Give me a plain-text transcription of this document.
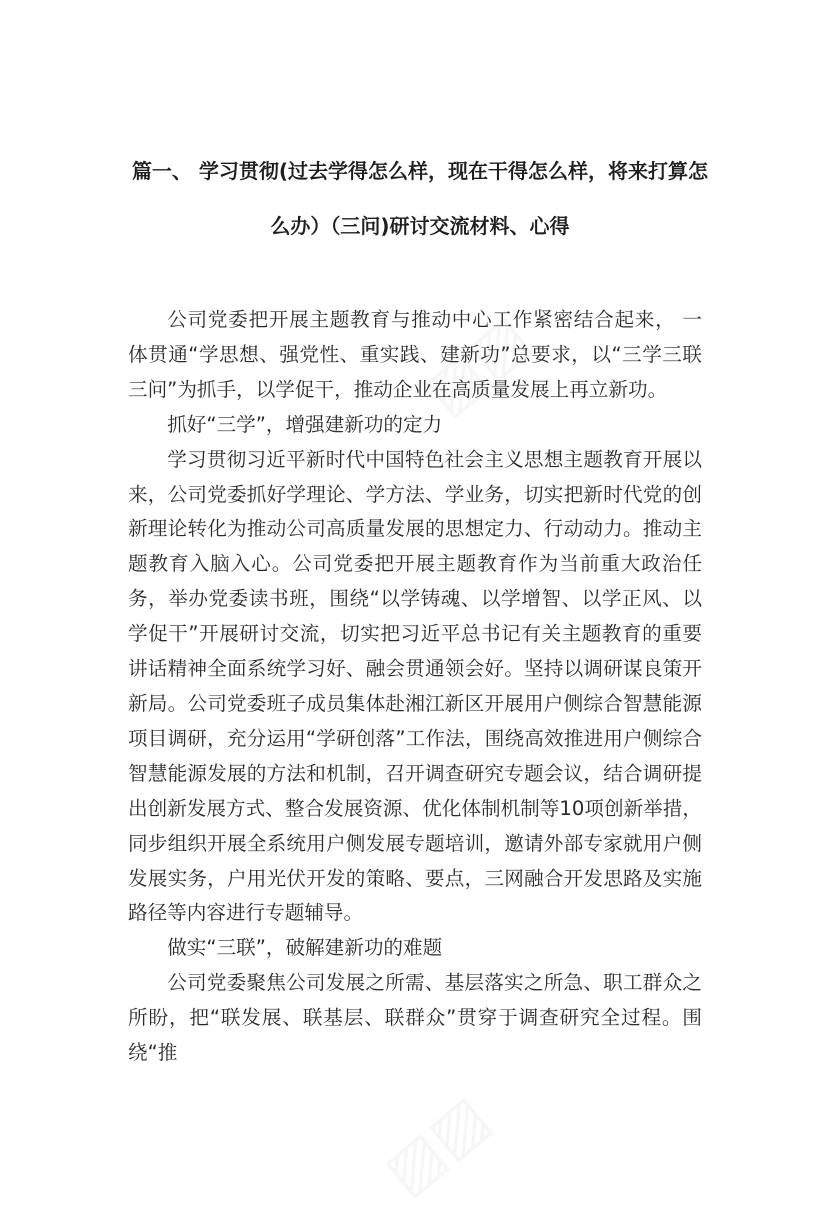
▨▨
▨▨
篇一、 学习贯彻(过去学得怎么样，现在干得怎么样，将来打算怎
么办）（三问)研讨交流材料、心得

公司党委把开展主题教育与推动中心工作紧密结合起来， 一体贯通“学思想、强党性、重实践、建新功”总要求，以“三学三联三问”为抓手，以学促干，推动企业在高质量发展上再立新功。

抓好“三学”，增强建新功的定力

学习贯彻习近平新时代中国特色社会主义思想主题教育开展以来，公司党委抓好学理论、学方法、学业务，切实把新时代党的创新理论转化为推动公司高质量发展的思想定力、行动动力。推动主题教育入脑入心。公司党委把开展主题教育作为当前重大政治任务，举办党委读书班，围绕“以学铸魂、以学增智、以学正风、以学促干”开展研讨交流，切实把习近平总书记有关主题教育的重要讲话精神全面系统学习好、融会贯通领会好。坚持以调研谋良策开新局。公司党委班子成员集体赴湘江新区开展用户侧综合智慧能源项目调研，充分运用“学研创落”工作法，围绕高效推进用户侧综合智慧能源发展的方法和机制，召开调查研究专题会议，结合调研提出创新发展方式、整合发展资源、优化体制机制等10项创新举措，同步组织开展全系统用户侧发展专题培训，邀请外部专家就用户侧发展实务，户用光伏开发的策略、要点，三网融合开发思路及实施路径等内容进行专题辅导。

做实“三联”，破解建新功的难题

公司党委聚焦公司发展之所需、基层落实之所急、职工群众之所盼，把“联发展、联基层、联群众”贯穿于调查研究全过程。围绕“推
